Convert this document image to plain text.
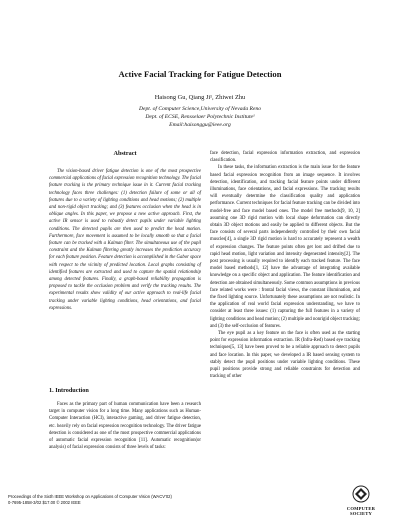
Active Facial Tracking for Fatigue Detection
Haisong Gu, Qiang Ji¹, Zhiwei Zhu
Dept. of Computer Science,University of Nevada Reno
Dept. of ECSE, Rensselaer Polytechnic Institute¹
Email:haisonggu@ieee.org
Abstract

The vision-based driver fatigue detection is one of the most prospective commercial applications of facial expression recognition technology. The facial feature tracking is the primary technique issue in it. Current facial tracking technology faces three challenges: (1) detection failure of some or all of features due to a variety of lighting conditions and head motions; (2) multiple and non-rigid object tracking; and (3) features occlusion when the head is in oblique angles. In this paper, we propose a new active approach. First, the active IR sensor is used to robustly detect pupils under variable lighting conditions. The detected pupils are then used to predict the head motion. Furthermore, face movement is assumed to be locally smooth so that a facial feature can be tracked with a Kalman filter. The simultaneous use of the pupil constraint and the Kalman filtering greatly increases the prediction accuracy for each feature position. Feature detection is accomplished in the Gabor space with respect to the vicinity of predicted location. Local graphs consisting of identified features are extracted and used to capture the spatial relationship among detected features. Finally, a graph-based reliability propagation is proposed to tackle the occlusion problem and verify the tracking results. The experimental results show validity of our active approach to real-life facial tracking under variable lighting conditions, head orientations, and facial expressions.

1. Introduction

Faces as the primary part of human communication have been a research target in computer vision for a long time. Many applications such as Human-Computer Interaction (HCI), interactive gaming, and driver fatigue detection, etc. heavily rely on facial expression recognition technology. The driver fatigue detection is considered as one of the most prospective commercial applications of automatic facial expression recognition [11]. Automatic recognition(or analysis) of facial expression consists of three levels of tasks:

face detection, facial expression information extraction, and expression classification.

In these tasks, the information extraction is the main issue for the feature based facial expression recognition from an image sequence. It involves detection, identification, and tracking facial feature points under different illuminations, face orientations, and facial expressions. The tracking results will eventually determine the classification quality and application performance. Current techniques for facial feature tracking can be divided into model-free and face model based ones. The model free methods[9, 10, 2] assuming one 3D rigid motion with local shape deformation can directly obtain 3D object motions and easily be applied to different objects. But the face consists of several parts independently controlled by their own facial muscles[4], a single 3D rigid motion is hard to accurately represent a wealth of expression changes. The feature points often get lost and drifted due to rapid head motion, light variation and intensity degenerated intensity[2]. The post processing is usually required to identify each tracked feature. The face model based methods[1, 12] have the advantage of integrating available knowledge on a specific object and application. The feature identification and detection are obtained simultaneously. Some common assumptions in previous face related works were : frontal facial views, the constant illumination, and the fixed lighting source. Unfortunately these assumptions are not realistic. In the application of real world facial expression understanding, we have to consider at least three issues: (1) capturing the full features in a variety of lighting conditions and head motion; (2) multiple and nonrigid object tracking; and (3) the self-occlusion of features.

The eye pupil as a key feature on the face is often used as the starting point for expression information extraction. IR (Infra-Red) based eye tracking techniques[5, 13] have been proved to be a reliable approach to detect pupils and face location. In this paper, we developed a IR based sensing system to stably detect the pupil positions under variable lighting conditions. These pupil positions provide strong and reliable constraints for detection and tracking of other

Proceedings of the Sixth IEEE Workshop on Applications of Computer Vision (WACV'02)
0-7695-1858-3/02 $17.00 © 2002 IEEE
COMPUTER
SOCIETY
